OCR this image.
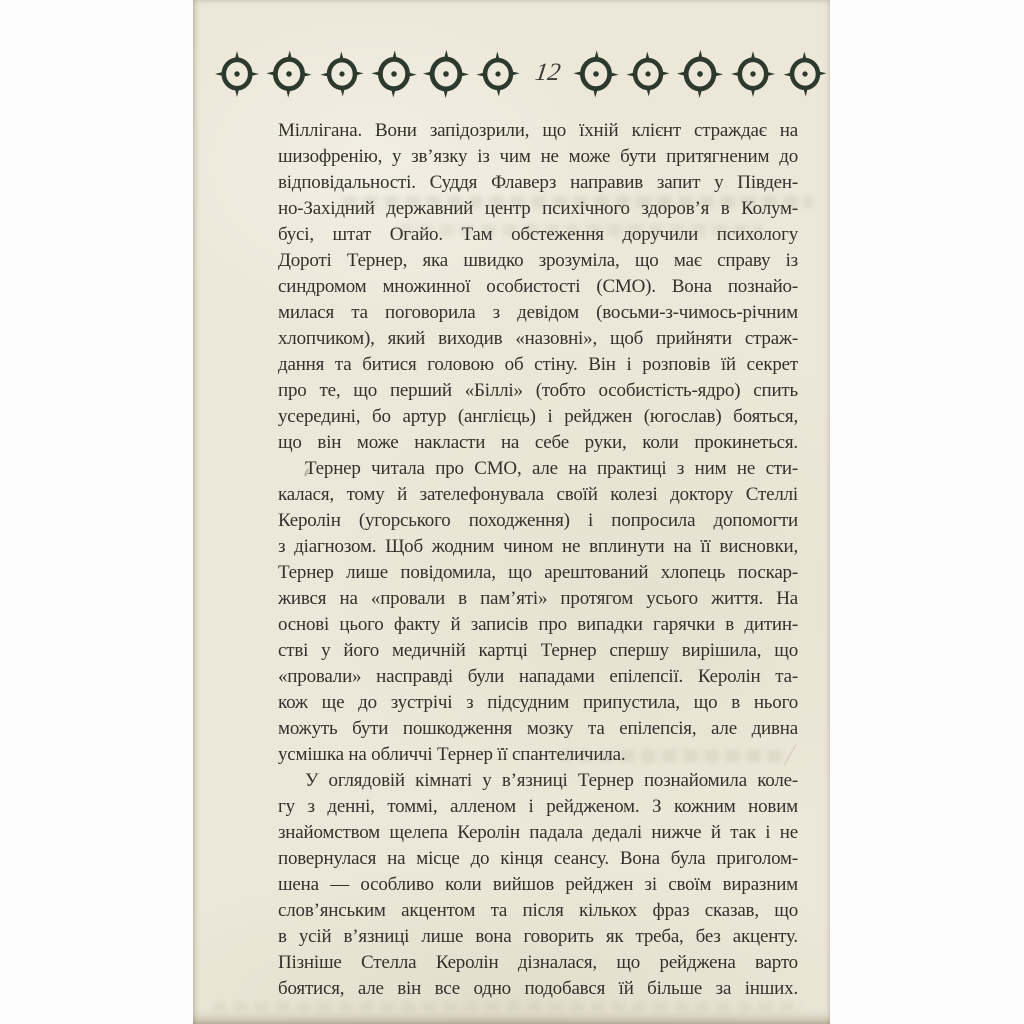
12
Міллігана. Вони запідозрили, що їхній клієнт страждає на
шизофренію, у зв’язку із чим не може бути притягненим до
відповідальності. Суддя Флаверз направив запит у Півден-
но-Західний державний центр психічного здоров’я в Колум-
бусі, штат Огайо. Там обстеження доручили психологу
Дороті Тернер, яка швидко зрозуміла, що має справу із
синдромом множинної особистості (СМО). Вона познайо-
милася та поговорила з девідом (восьми-з-чимось-річним
хлопчиком), який виходив «назовні», щоб прийняти страж-
дання та битися головою об стіну. Він і розповів їй секрет
про те, що перший «Біллі» (тобто особистість-ядро) спить
усередині, бо артур (англієць) і рейджен (югослав) бояться,
що він може накласти на себе руки, коли прокинеться.
Тернер читала про СМО, але на практиці з ним не сти-
калася, тому й зателефонувала своїй колезі доктору Стеллі
Керолін (угорського походження) і попросила допомогти
з діагнозом. Щоб жодним чином не вплинути на її висновки,
Тернер лише повідомила, що арештований хлопець поскар-
жився на «провали в пам’яті» протягом усього життя. На
основі цього факту й записів про випадки гарячки в дитин-
стві у його медичній картці Тернер спершу вирішила, що
«провали» насправді були нападами епілепсії. Керолін та-
кож ще до зустрічі з підсудним припустила, що в нього
можуть бути пошкодження мозку та епілепсія, але дивна
усмішка на обличчі Тернер її спантеличила.
У оглядовій кімнаті у в’язниці Тернер познайомила коле-
гу з денні, томмі, алленом і рейдженом. З кожним новим
знайомством щелепа Керолін падала дедалі нижче й так і не
повернулася на місце до кінця сеансу. Вона була приголом-
шена — особливо коли вийшов рейджен зі своїм виразним
слов’янським акцентом та після кількох фраз сказав, що
в усій в’язниці лише вона говорить як треба, без акценту.
Пізніше Стелла Керолін дізналася, що рейджена варто
боятися, але він все одно подобався їй більше за інших.
